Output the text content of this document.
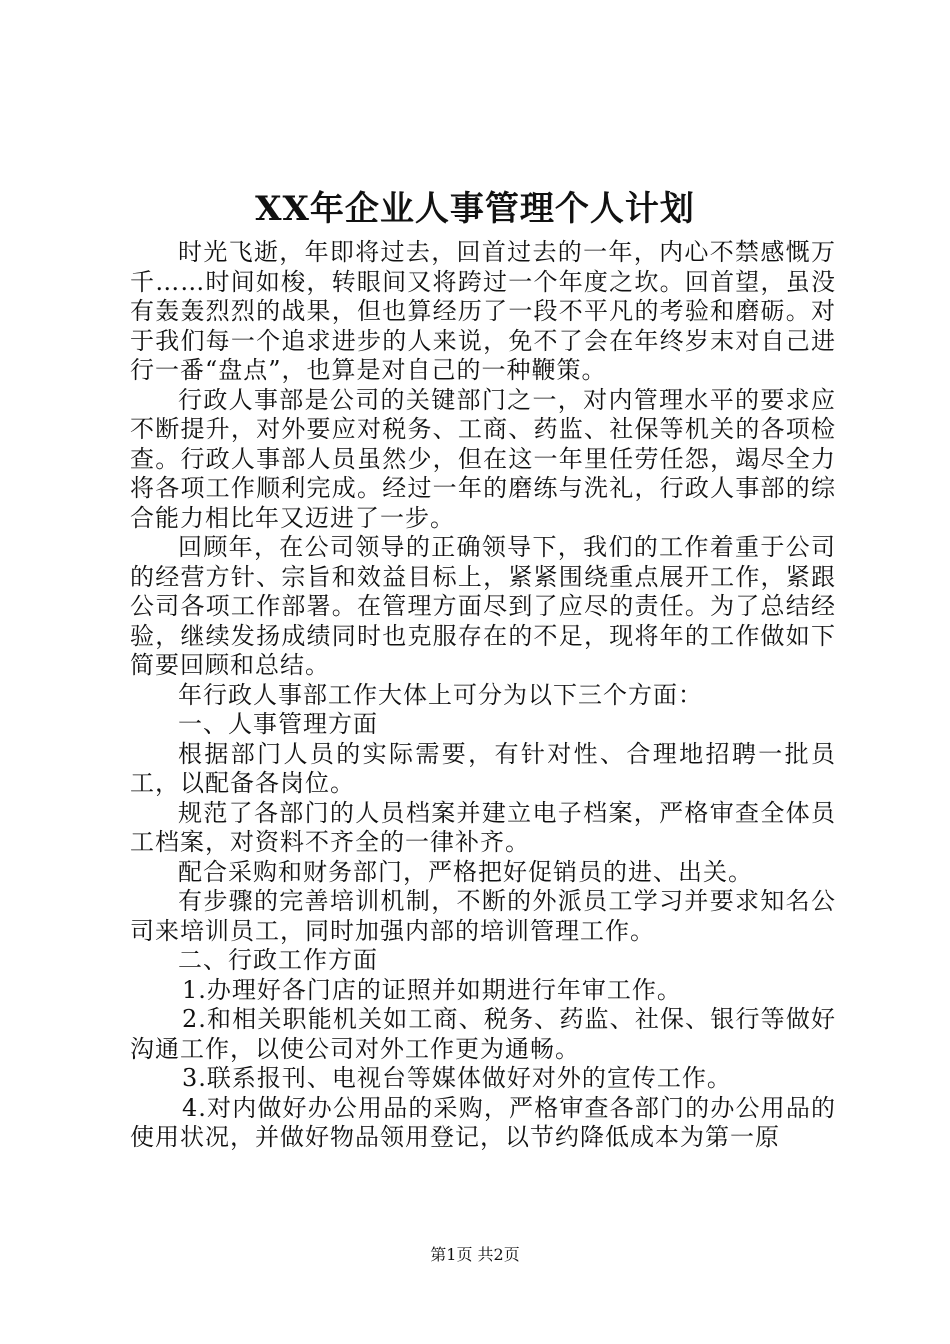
XX年企业人事管理个人计划

时光飞逝，年即将过去，回首过去的一年，内心不禁感慨万千……时间如梭，转眼间又将跨过一个年度之坎。回首望，虽没有轰轰烈烈的战果，但也算经历了一段不平凡的考验和磨砺。对于我们每一个追求进步的人来说，免不了会在年终岁末对自己进行一番“盘点”，也算是对自己的一种鞭策。

行政人事部是公司的关键部门之一，对内管理水平的要求应不断提升，对外要应对税务、工商、药监、社保等机关的各项检查。行政人事部人员虽然少，但在这一年里任劳任怨，竭尽全力将各项工作顺利完成。经过一年的磨练与洗礼，行政人事部的综合能力相比年又迈进了一步。

回顾年，在公司领导的正确领导下，我们的工作着重于公司的经营方针、宗旨和效益目标上，紧紧围绕重点展开工作，紧跟公司各项工作部署。在管理方面尽到了应尽的责任。为了总结经验，继续发扬成绩同时也克服存在的不足，现将年的工作做如下简要回顾和总结。

年行政人事部工作大体上可分为以下三个方面：

一、人事管理方面

根据部门人员的实际需要，有针对性、合理地招聘一批员工，以配备各岗位。

规范了各部门的人员档案并建立电子档案，严格审查全体员工档案，对资料不齐全的一律补齐。

配合采购和财务部门，严格把好促销员的进、出关。

有步骤的完善培训机制，不断的外派员工学习并要求知名公司来培训员工，同时加强内部的培训管理工作。

二、行政工作方面

1.办理好各门店的证照并如期进行年审工作。

2.和相关职能机关如工商、税务、药监、社保、银行等做好沟通工作，以使公司对外工作更为通畅。

3.联系报刊、电视台等媒体做好对外的宣传工作。

4.对内做好办公用品的采购，严格审查各部门的办公用品的使用状况，并做好物品领用登记，以节约降低成本为第一原

第1页 共2页
